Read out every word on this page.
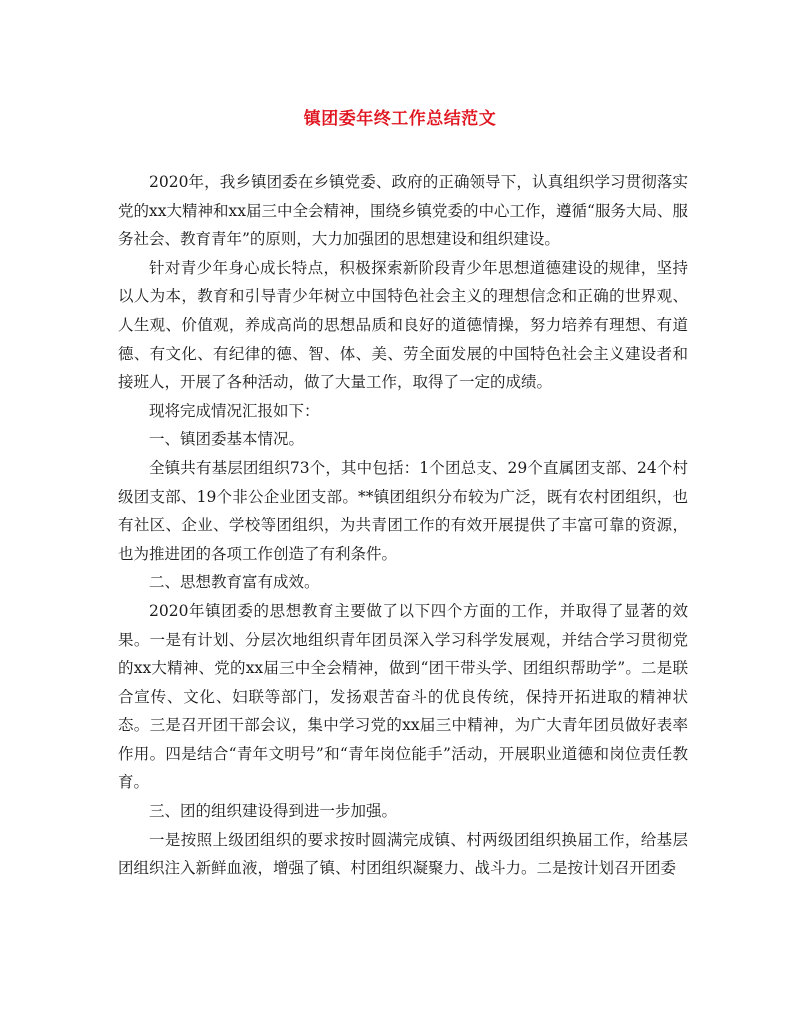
镇团委年终工作总结范文

2020年，我乡镇团委在乡镇党委、政府的正确领导下，认真组织学习贯彻落实党的xx大精神和xx届三中全会精神，围绕乡镇党委的中心工作，遵循“服务大局、服务社会、教育青年”的原则，大力加强团的思想建设和组织建设。

针对青少年身心成长特点，积极探索新阶段青少年思想道德建设的规律，坚持以人为本，教育和引导青少年树立中国特色社会主义的理想信念和正确的世界观、人生观、价值观，养成高尚的思想品质和良好的道德情操，努力培养有理想、有道德、有文化、有纪律的德、智、体、美、劳全面发展的中国特色社会主义建设者和接班人，开展了各种活动，做了大量工作，取得了一定的成绩。

现将完成情况汇报如下：

一、镇团委基本情况。

全镇共有基层团组织73个，其中包括：1个团总支、29个直属团支部、24个村级团支部、19个非公企业团支部。**镇团组织分布较为广泛，既有农村团组织，也有社区、企业、学校等团组织，为共青团工作的有效开展提供了丰富可靠的资源，也为推进团的各项工作创造了有利条件。

二、思想教育富有成效。

2020年镇团委的思想教育主要做了以下四个方面的工作，并取得了显著的效果。一是有计划、分层次地组织青年团员深入学习科学发展观，并结合学习贯彻党的xx大精神、党的xx届三中全会精神，做到“团干带头学、团组织帮助学”。二是联合宣传、文化、妇联等部门，发扬艰苦奋斗的优良传统，保持开拓进取的精神状态。三是召开团干部会议，集中学习党的xx届三中精神，为广大青年团员做好表率作用。四是结合“青年文明号”和“青年岗位能手”活动，开展职业道德和岗位责任教育。

三、团的组织建设得到进一步加强。

一是按照上级团组织的要求按时圆满完成镇、村两级团组织换届工作，给基层团组织注入新鲜血液，增强了镇、村团组织凝聚力、战斗力。二是按计划召开团委
